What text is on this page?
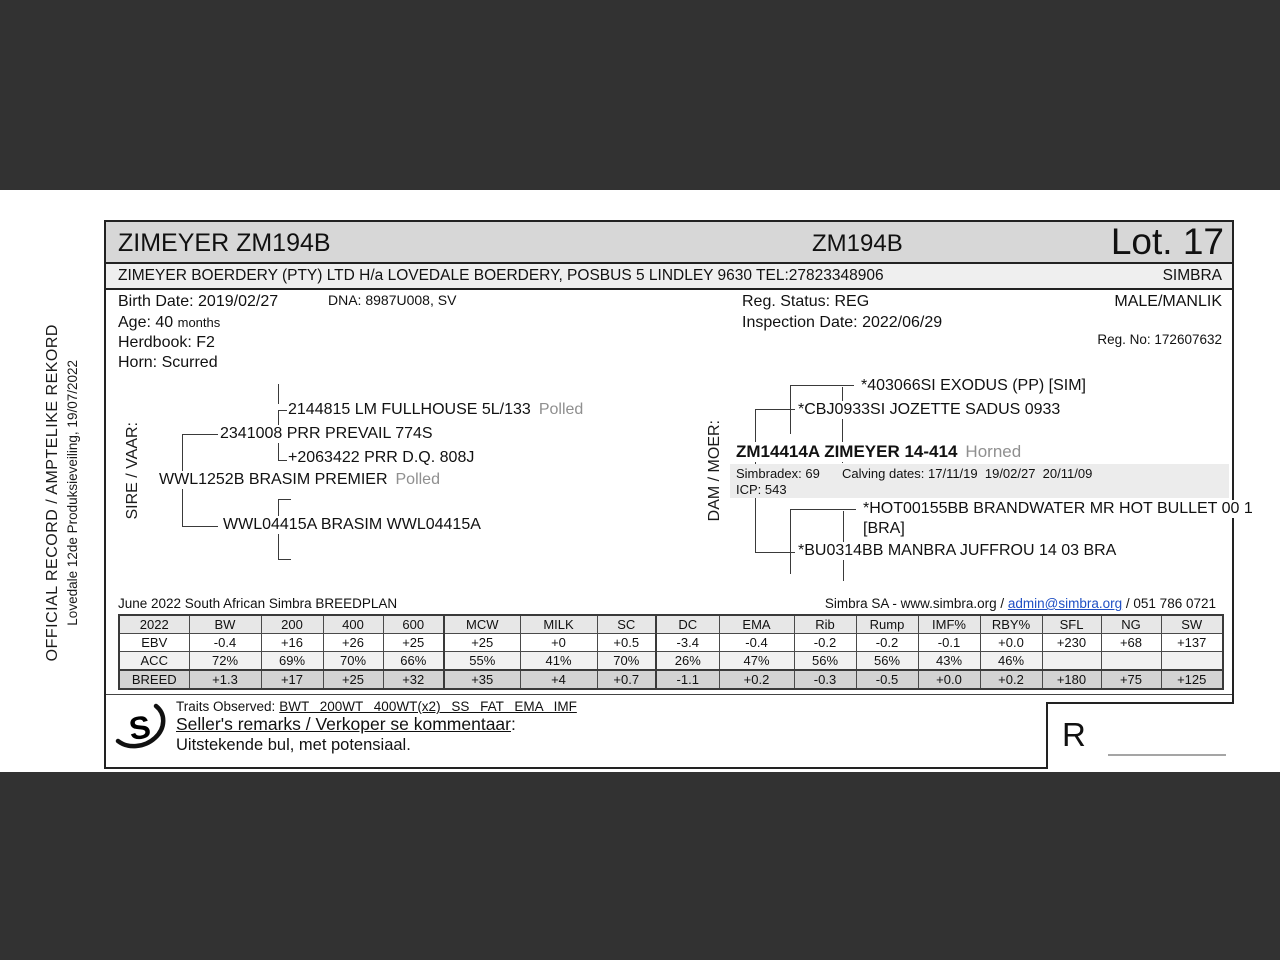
OFFICIAL RECORD / AMPTELIKE REKORD Lovedale 12de Produksieveiling, 19/07/2022
ZIMEYER ZM194B	ZM194B	Lot. 17
ZIMEYER BOERDERY (PTY) LTD H/a LOVEDALE BOERDERY, POSBUS 5 LINDLEY 9630 TEL:27823348906	SIMBRA
Birth Date: 2019/02/27	DNA: 8987U008, SV
Age: 40 months
Herdbook: F2
Horn: Scurred
Reg. Status: REG
Inspection Date: 2022/06/29
MALE/MANLIK
Reg. No: 172607632
SIRE / VAAR:
2144815 LM FULLHOUSE 5L/133 Polled
2341008 PRR PREVAIL 774S
+2063422 PRR D.Q. 808J
WWL1252B BRASIM PREMIER Polled
WWL04415A BRASIM WWL04415A
DAM / MOER:
*403066SI EXODUS (PP) [SIM]
*CBJ0933SI JOZETTE SADUS 0933
ZM14414A ZIMEYER 14-414 Horned
Simbradex: 69 Calving dates: 17/11/19  19/02/27  20/11/09
ICP: 543
*HOT00155BB BRANDWATER MR HOT BULLET 00 1
[BRA]
*BU0314BB MANBRA JUFFROU 14 03 BRA
June 2022 South African Simbra BREEDPLAN	Simbra SA - www.simbra.org / admin@simbra.org / 051 786 0721
2022	BW	200	400	600	MCW	MILK	SC	DC	EMA	Rib	Rump	IMF%	RBY%	SFL	NG	SW
EBV	-0.4	+16	+26	+25	+25	+0	+0.5	-3.4	-0.4	-0.2	-0.2	-0.1	+0.0	+230	+68	+137
ACC	72%	69%	70%	66%	55%	41%	70%	26%	47%	56%	56%	43%	46%			
BREED	+1.3	+17	+25	+32	+35	+4	+0.7	-1.1	+0.2	-0.3	-0.5	+0.0	+0.2	+180	+75	+125
S
Traits Observed: BWT 200WT 400WT(x2) SS FAT EMA IMF
Seller's remarks / Verkoper se kommentaar:
Uitstekende bul, met potensiaal.	R
